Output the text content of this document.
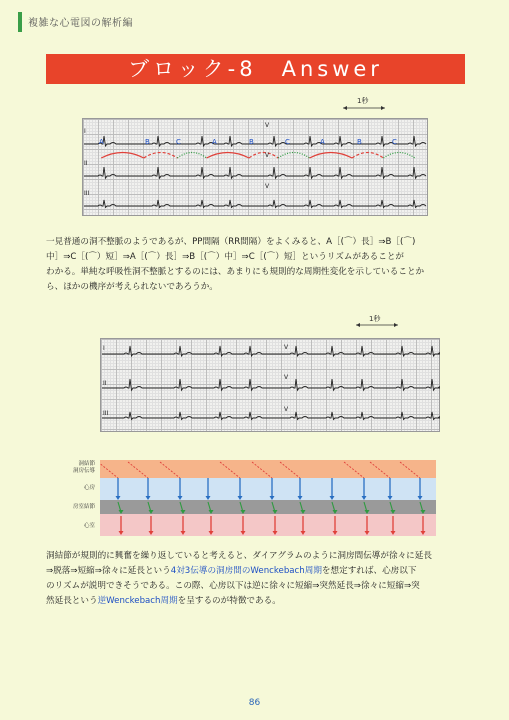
複雑な心電図の解析編
ブロック-8　Answer
1秒
I
II
III
V
V
V
A	B	C	A	B	C	A	B	C
一見普通の洞不整脈のようであるが、PP間隔（RR間隔）をよくみると、A［(⌒）長］⇒B［(⌒)
中］⇒C［(⌒）短］⇒A［(⌒）長］⇒B［(⌒）中］⇒C［(⌒）短］というリズムがあることが
わかる。単純な呼吸性洞不整脈とするのには、あまりにも規則的な周期性変化を示していることか
ら、ほかの機序が考えられないであろうか。
1秒
I
II
III
V
V
V
洞結節
洞房伝導
心房
房室結節
心室
洞結節が規則的に興奮を繰り返していると考えると、ダイアグラムのように洞房間伝導が徐々に延長
⇒脱落⇒短縮⇒徐々に延長という4対3伝導の洞房間のWenckebach周期を想定すれば、心房以下
のリズムが説明できそうである。この際、心房以下は逆に徐々に短縮⇒突然延長⇒徐々に短縮⇒突
然延長という逆Wenckebach周期を呈するのが特徴である。
86
